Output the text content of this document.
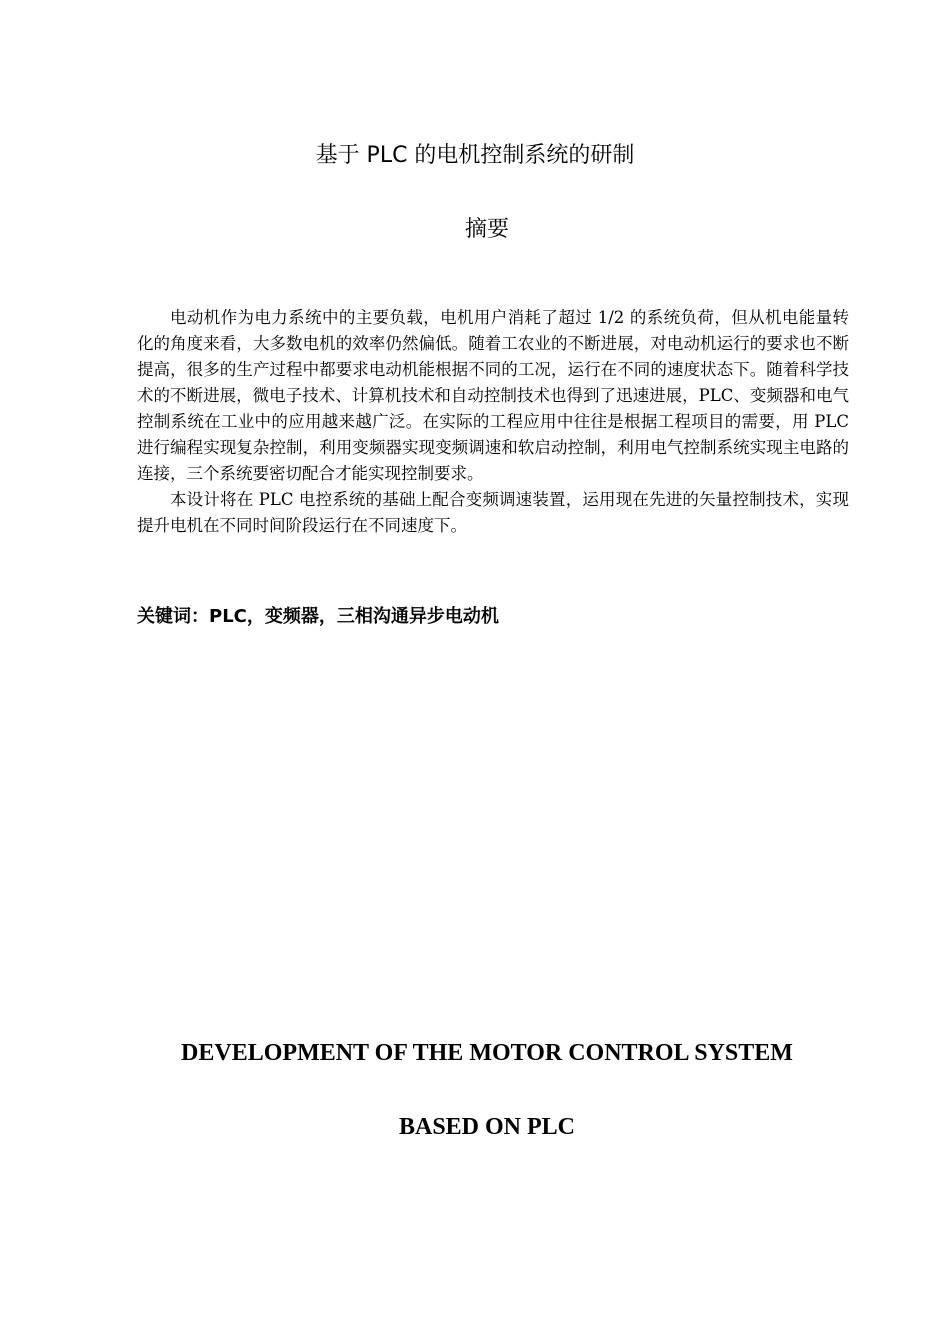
基于 PLC 的电机控制系统的研制
摘要

电动机作为电力系统中的主要负载，电机用户消耗了超过 1/2 的系统负荷，但从机电能量转化的角度来看，大多数电机的效率仍然偏低。随着工农业的不断进展，对电动机运行的要求也不断提高，很多的生产过程中都要求电动机能根据不同的工况，运行在不同的速度状态下。随着科学技术的不断进展，微电子技术、计算机技术和自动控制技术也得到了迅速进展，PLC、变频器和电气控制系统在工业中的应用越来越广泛。在实际的工程应用中往往是根据工程项目的需要，用 PLC 进行编程实现复杂控制，利用变频器实现变频调速和软启动控制，利用电气控制系统实现主电路的连接，三个系统要密切配合才能实现控制要求。

本设计将在 PLC 电控系统的基础上配合变频调速装置，运用现在先进的矢量控制技术，实现提升电机在不同时间阶段运行在不同速度下。

关键词：PLC，变频器，三相沟通异步电动机
DEVELOPMENT OF THE MOTOR CONTROL SYSTEM
BASED ON PLC
